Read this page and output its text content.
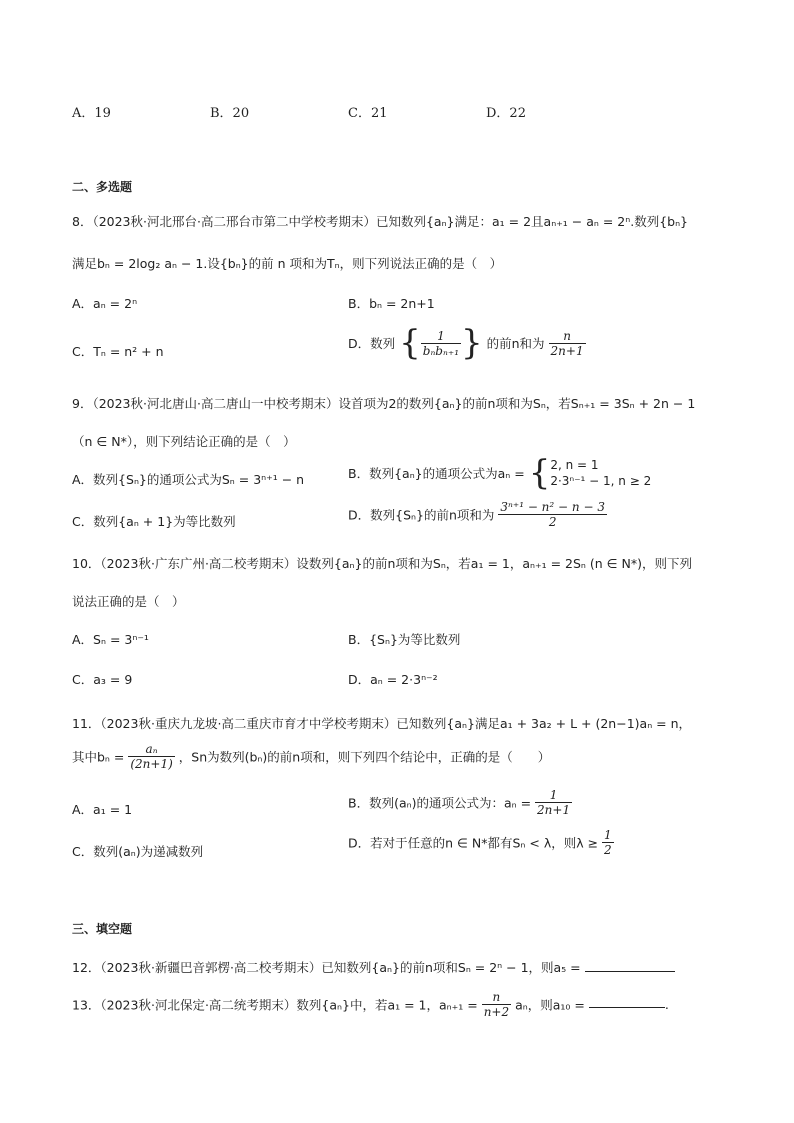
A．19	B．20	C．21	D．22
二、多选题
8．（2023秋·河北邢台·高二邢台市第二中学校考期末）已知数列{aₙ}满足：a₁ = 2且aₙ₊₁ − aₙ = 2ⁿ.数列{bₙ}
满足bₙ = 2log₂ aₙ − 1.设{bₙ}的前 n 项和为Tₙ，则下列说法正确的是（　）
A．aₙ = 2ⁿ	B．bₙ = 2n+1
C．Tₙ = n² + n
D．数列 { $\frac{1}{\text{bₙbₙ₊₁}}$ } 的前n和为 $\frac{n}{2n+1}$
9．（2023秋·河北唐山·高二唐山一中校考期末）设首项为2的数列{aₙ}的前n项和为Sₙ，若Sₙ₊₁ = 3Sₙ + 2n − 1
（n ∈ N*），则下列结论正确的是（　）
A．数列{Sₙ}的通项公式为Sₙ = 3ⁿ⁺¹ − n	B．数列{aₙ}的通项公式为aₙ = { 2, n = 1
2·3ⁿ⁻¹ − 1, n ≥ 2
C．数列{aₙ + 1}为等比数列	D．数列{Sₙ}的前n项和为 $\frac{\text{3ⁿ⁺¹ − n² − n − 3}}{2}$
10．（2023秋·广东广州·高二校考期末）设数列{aₙ}的前n项和为Sₙ，若a₁ = 1，aₙ₊₁ = 2Sₙ (n ∈ N*)，则下列
说法正确的是（　）
A．Sₙ = 3ⁿ⁻¹	B．{Sₙ}为等比数列
C．a₃ = 9	D．aₙ = 2·3ⁿ⁻²
11．（2023秋·重庆九龙坡·高二重庆市育才中学校考期末）已知数列{aₙ}满足a₁ + 3a₂ + L + (2n−1)aₙ = n，
其中$b_n = \frac{\text{aₙ}}{(2n+1)}$ ，Sn为数列(bₙ)的前n项和，则下列四个结论中，正确的是（　　）
A．a₁ = 1	B．数列(aₙ)的通项公式为：$a_n = \frac{1}{2n+1}$
C．数列(aₙ)为递减数列
D．若对于任意的n ∈ N*都有Sₙ < λ，则$\lambda \ge \frac{1}{2}$
三、填空题
12．（2023秋·新疆巴音郭楞·高二校考期末）已知数列{aₙ}的前n项和Sₙ = 2ⁿ − 1，则a₅ =
13．（2023秋·河北保定·高二统考期末）数列{aₙ}中，若a₁ = 1，$a_{n+1} = \frac{n}{n+2}$ aₙ，则a₁₀ =	.
